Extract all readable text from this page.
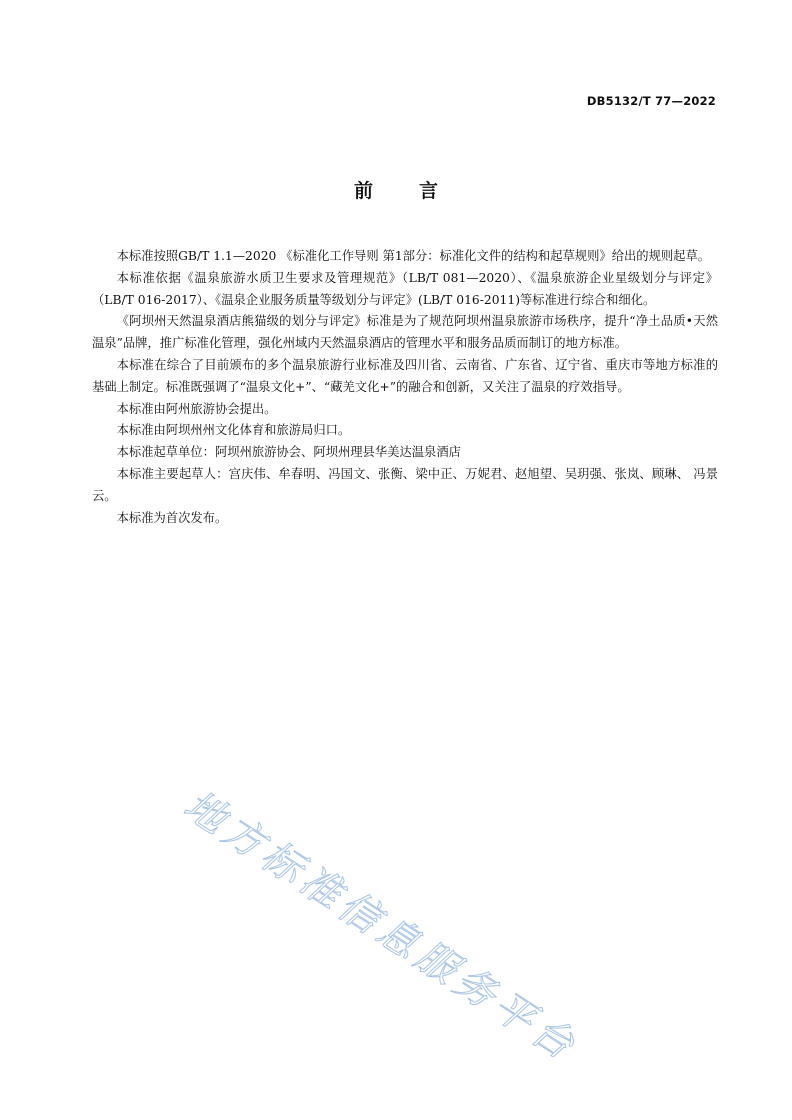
DB5132/T 77—2022
前言

本标准按照GB/T 1.1—2020 《标准化工作导则 第1部分：标准化文件的结构和起草规则》给出的规则起草。

本标准依据《温泉旅游水质卫生要求及管理规范》（LB/T 081—2020）、《温泉旅游企业星级划分与评定》（LB/T 016-2017）、《温泉企业服务质量等级划分与评定》(LB/T 016-2011)等标准进行综合和细化。

《阿坝州天然温泉酒店熊猫级的划分与评定》标准是为了规范阿坝州温泉旅游市场秩序，提升“净土品质•天然温泉”品牌，推广标准化管理，强化州域内天然温泉酒店的管理水平和服务品质而制订的地方标准。

本标准在综合了目前颁布的多个温泉旅游行业标准及四川省、云南省、广东省、辽宁省、重庆市等地方标准的基础上制定。标准既强调了“温泉文化+”、“藏羌文化+”的融合和创新，又关注了温泉的疗效指导。

本标准由阿州旅游协会提出。

本标准由阿坝州州文化体育和旅游局归口。

本标准起草单位：阿坝州旅游协会、阿坝州理县华美达温泉酒店

本标准主要起草人：宫庆伟、牟春明、冯国文、张衡、梁中正、万妮君、赵旭望、吴玥强、张岚、顾琳、 冯景云。

本标准为首次发布。

地方标准信息服务平台
